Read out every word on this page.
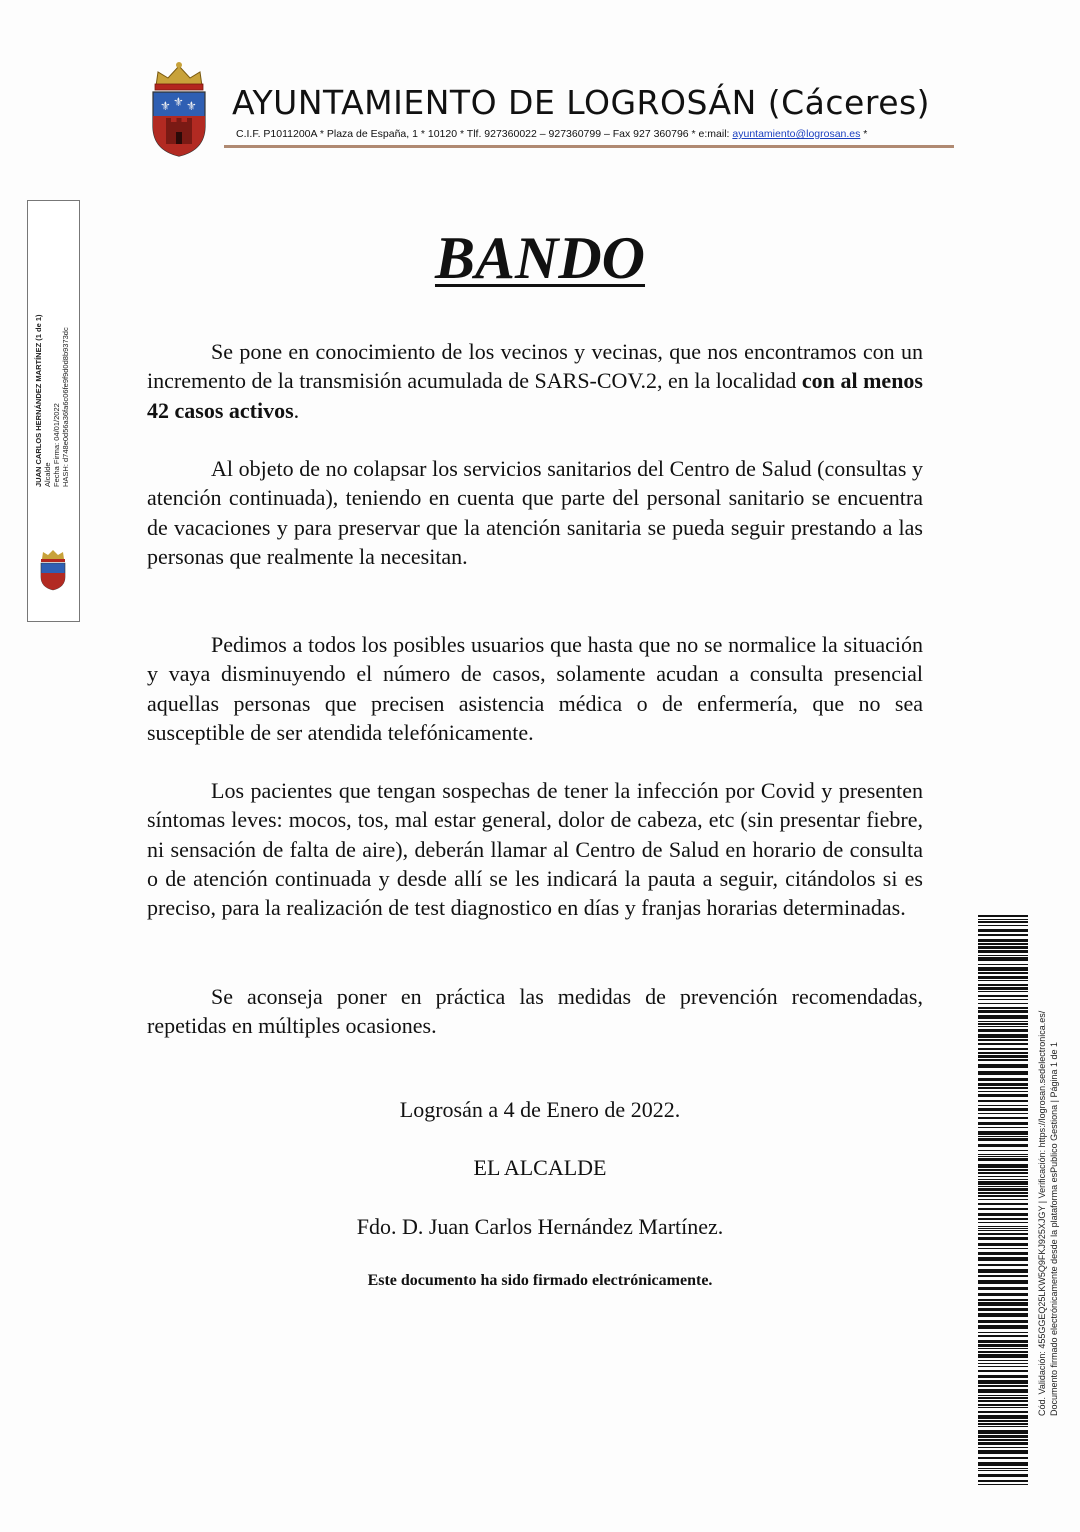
⚜ ⚜ ⚜ AYUNTAMIENTO DE LOGROSÁN (Cáceres)
C.I.F. P1011200A * Plaza de España, 1 * 10120 * Tlf. 927360022 – 927360799 – Fax 927 360796 * e:mail: ayuntamiento@logrosan.es *
JUAN CARLOS HERNÁNDEZ MARTÍNEZ (1 de 1) Alcalde Fecha Firma: 04/01/2022 HASH: d748e0d56a36fa6c06fe9f9d0d8b9373dc
BANDO

Se pone en conocimiento de los vecinos y vecinas, que nos encontramos con un incremento de la transmisión acumulada de SARS-COV.2, en la localidad con al menos 42 casos activos.

Al objeto de no colapsar los servicios sanitarios del Centro de Salud (consultas y atención continuada), teniendo en cuenta que parte del personal sanitario se encuentra de vacaciones y para preservar que la atención sanitaria se pueda seguir prestando a las personas que realmente la necesitan.

Pedimos a todos los posibles usuarios que hasta que no se normalice la situación y vaya disminuyendo el número de casos, solamente acudan a consulta presencial aquellas personas que precisen asistencia médica o de enfermería, que no sea susceptible de ser atendida telefónicamente.

Los pacientes que tengan sospechas de tener la infección por Covid y presenten síntomas leves: mocos, tos, mal estar general, dolor de cabeza, etc (sin presentar fiebre, ni sensación de falta de aire), deberán llamar al Centro de Salud en horario de consulta o de atención continuada y desde allí se les indicará la pauta a seguir, citándolos si es preciso, para la realización de test diagnostico en días y franjas horarias determinadas.

Se aconseja poner en práctica las medidas de prevención recomendadas, repetidas en múltiples ocasiones.

Logrosán a 4 de Enero de 2022.
EL ALCALDE
Fdo. D. Juan Carlos Hernández Martínez.
Este documento ha sido firmado electrónicamente.	Cód. Validación: 455GGEQ25LKW5Q9FKJ925XJGY | Verificación: https://logrosan.sedelectronica.es/ Documento firmado electrónicamente desde la plataforma esPublico Gestiona | Página 1 de 1
